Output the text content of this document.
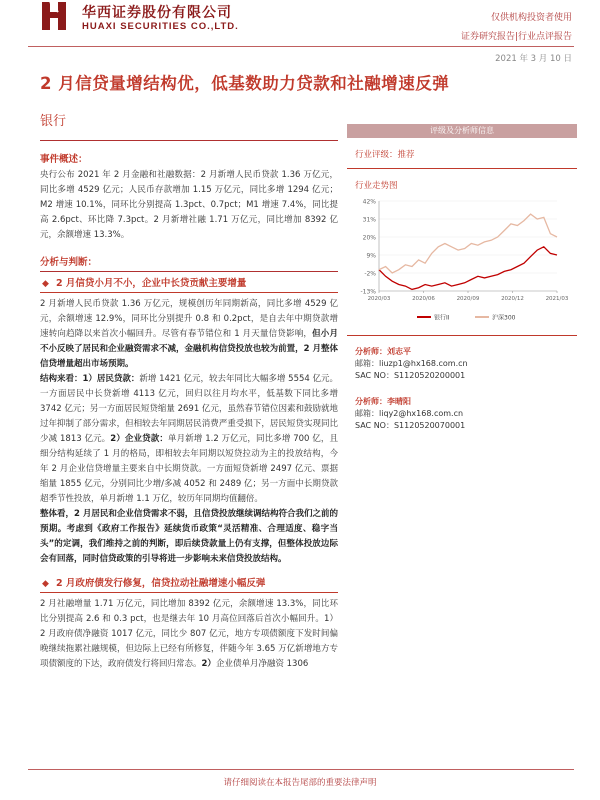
华西证券股份有限公司
HUAXI SECURITIES CO.,LTD.
仅供机构投资者使用
证券研究报告|行业点评报告
2021 年 3 月 10 日
2 月信贷量增结构优，低基数助力贷款和社融增速反弹
银行
事件概述：
央行公布 2021 年 2 月金融和社融数据：2 月新增人民币贷款 1.36 万亿元，同比多增 4529 亿元；人民币存款增加 1.15 万亿元，同比多增 1294 亿元；M2 增速 10.1%，同环比分别提高 1.3pct、0.7pct；M1 增速 7.4%，同比提高 2.6pct、环比降 7.3pct。2 月新增社融 1.71 万亿元，同比增加 8392 亿元，余额增速 13.3%。
分析与判断：
◆ 2 月信贷小月不小，企业中长贷贡献主要增量
2 月新增人民币贷款 1.36 万亿元，规模创历年同期新高，同比多增 4529 亿元，余额增速 12.9%，同环比分别提升 0.8 和 0.2pct，是自去年中期贷款增速转向趋降以来首次小幅回升。尽管有春节错位和 1 月天量信贷影响，但小月不小反映了居民和企业融资需求不减，金融机构信贷投放也较为前置，2 月整体信贷增量超出市场预期。
结构来看：1）居民贷款：新增 1421 亿元，较去年同比大幅多增 5554 亿元。一方面居民中长贷新增 4113 亿元，回归以往月均水平，低基数下同比多增 3742 亿元；另一方面居民短贷缩量 2691 亿元，虽然春节错位因素和鼓励就地过年抑制了部分需求，但相较去年同期居民消费严重受损下，居民短贷实现同比少减 1813 亿元。2）企业贷款：单月新增 1.2 万亿元，同比多增 700 亿，且细分结构延续了 1 月的格局，即相较去年同期以短贷拉动为主的投放结构，今年 2 月企业信贷增量主要来自中长期贷款。一方面短贷新增 2497 亿元、票据缩量 1855 亿元，分别同比少增/多减 4052 和 2489 亿；另一方面中长期贷款超季节性投放，单月新增 1.1 万亿，较历年同期均值翻倍。
整体看，2 月居民和企业信贷需求不弱，且信贷投放继续调结构符合我们之前的预期。考虑到《政府工作报告》延续货币政策“灵活精准、合理适度、稳字当头”的定调，我们维持之前的判断，即后续贷款量上仍有支撑，但整体投放边际会有回落，同时信贷政策的引导将进一步影响未来信贷投放结构。
◆ 2 月政府债发行修复，信贷拉动社融增速小幅反弹
2 月社融增量 1.71 万亿元，同比增加 8392 亿元，余额增速 13.3%，同比环比分别提高 2.6 和 0.3 pct，也是继去年 10 月高位回落后首次小幅回升。1）2 月政府债净融资 1017 亿元，同比少 807 亿元，地方专项债额度下发时间偏晚继续拖累社融规模，但边际上已经有所修复，伴随今年 3.65 万亿新增地方专项债额度的下达，政府债发行将回归常态。2）企业债单月净融资 1306
评级及分析师信息
行业评级：推荐
行业走势图
42%
31%
20%
9%
-2%
-13%
2020/03	2020/06	2020/09	2020/12	2021/03
银行II	沪深300
分析师：刘志平
邮箱：liuzp1@hx168.com.cn
SAC NO：S1120520200001
分析师：李晴阳
邮箱：liqy2@hx168.com.cn
SAC NO：S1120520070001
请仔细阅读在本报告尾部的重要法律声明
